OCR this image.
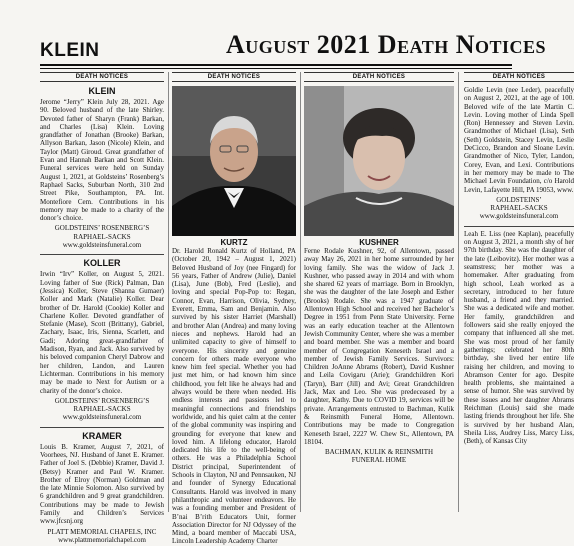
KLEIN	August 2021 Death Notices
DEATH NOTICES
KLEIN

Jerome “Jerry” Klein July 28, 2021. Age 90. Beloved husband of the late Shirley. Devoted father of Sharyn (Frank) Barkan, and Charles (Lisa) Klein. Loving grandfather of Jonathan (Brooke) Barkan, Allyson Barkan, Jason (Nicole) Klein, and Taylor (Matt) Giroud. Great grandfather of Evan and Hannah Barkan and Scott Klein. Funeral services were held on Sunday August 1, 2021, at Goldsteins’ Rosenberg’s Raphael Sacks, Suburban North, 310 2nd Street Pike, Southampton, PA. Int. Montefiore Cem. Contributions in his memory may be made to a charity of the donor’s choice.

GOLDSTEINS’ ROSENBERG’S

RAPHAEL-SACKS

www.goldsteinsfuneral.com

KOLLER

Irwin “Irv” Koller, on August 5, 2021. Loving father of Sue (Rick) Palman, Dan (Jessica) Koller, Steve (Shanna Gumaer) Koller and Mark (Natalie) Koller. Dear brother of Dr. Harold (Cookie) Koller and Charlene Koller. Devoted grandfather of Stefanie (Mase), Scott (Brittany), Gabriel, Zachary, Isaac, Iris, Sienna, Scarlett, and Gadi; Adoring great-grandfather of Madison, Ryan, and Jack. Also survived by his beloved companion Cheryl Dabrow and her children, Landon, and Lauren Lichterman. Contributions in his memory may be made to Next for Autism or a charity of the donor’s choice.

GOLDSTEINS’ ROSENBERG’S

RAPHAEL-SACKS

www.goldsteinsfuneral.com

KRAMER

Louis B. Kramer, August 7, 2021, of Voorhees, NJ. Husband of Janet E. Kramer. Father of Joel S. (Debbie) Kramer, David J. (Betsy) Kramer and Paul W. Kramer. Brother of Elroy (Norman) Goldman and the late Minnie Solomon. Also survived by 6 grandchildren and 9 great grandchildren. Contributions may be made to Jewish Family and Children’s Services www.jfcsnj.org

PLATT MEMORIAL CHAPELS, INC

www.plattmemorialchapel.com

DEATH NOTICES
KURTZ

Dr. Harold Ronald Kurtz of Holland, PA (October 20, 1942 – August 1, 2021) Beloved Husband of Joy (nee Fingard) for 56 years, Father of Andrew (Julie), Daniel (Lisa), June (Bob), Fred (Leslie), and loving and special Pop-Pop to: Regan, Connor, Evan, Harrison, Olivia, Sydney, Everett, Emma, Sam and Benjamin. Also survived by his sister Harriet (Marshall) and brother Alan (Andrea) and many loving nieces and nephews. Harold had an unlimited capacity to give of himself to everyone. His sincerity and genuine concern for others made everyone who knew him feel special. Whether you had just met him, or had known him since childhood, you felt like he always had and always would be there when needed. His endless interests and passions led to meaningful connections and friendships worldwide, and his quiet calm at the center of the global community was inspiring and grounding for everyone that knew and loved him. A lifelong educator, Harold dedicated his life to the well-being of others. He was a Philadelphia School District principal, Superintendent of Schools in Clayton, NJ and Pennsauken, NJ and founder of Synergy Educational Consultants. Harold was involved in many philanthropic and volunteer endeavors. He was a founding member and President of B’nai B’rith Educators Unit, former Association Director for NJ Odyssey of the Mind, a board member of Maccabi USA, Lincoln Leadership Academy Charter

DEATH NOTICES
KUSHNER

Ferne Rodale Kushner, 92, of Allentown, passed away May 26, 2021 in her home surrounded by her loving family. She was the widow of Jack J. Kushner, who passed away in 2014 and with whom she shared 62 years of marriage. Born in Brooklyn, she was the daughter of the late Joseph and Esther (Brooks) Rodale. She was a 1947 graduate of Allentown High School and received her Bachelor’s Degree in 1951 from Penn State University. Ferne was an early education teacher at the Allentown Jewish Community Center, where she was a member and board member. She was a member and board member of Congregation Keneseth Israel and a member of Jewish Family Services. Survivors: Children JoAnne Abrams (Robert), David Kushner and Leila Covigaru (Arie); Grandchildren Kori (Taryn), Barr (Jill) and Avi; Great Grandchildren Jack, Max and Leo. She was predeceased by a daughter, Kathy. Due to COVID 19, services will be private. Arrangements entrusted to Bachman, Kulik & Reinsmith Funeral Home, Allentown. Contributions may be made to Congregation Keneseth Israel, 2227 W. Chew St., Allentown, PA 18104.

BACHMAN, KULIK & REINSMITH

FUNERAL HOME

DEATH NOTICES

Goldie Levin (nee Leder), peacefully on August 2, 2021, at the age of 100. Beloved wife of the late Martin C. Levin. Loving mother of Linda Spell (Ron) Hennessey and Steven Levin. Grandmother of Michael (Lisa), Seth (Seth) Goldstein, Stacey Levin, Leslie DeCicco, Brandon and Sloane Levin. Grandmother of Nico, Tyler, Landon, Corey, Evan, and Lexi. Contributions in her memory may be made to The Michael Levin Foundation, c/o Harold Levin, Lafayette Hill, PA 19053, www.

GOLDSTEINS’

RAPHAEL-SACKS

www.goldsteinsfuneral.com

Leah E. Liss (nee Kaplan), peacefully on August 3, 2021, a month shy of her 97th birthday. She was the daughter of the late (Leibovitz). Her mother was a seamstress; her mother was a homemaker. After graduating from high school, Leah worked as a secretary, introduced to her future husband, a friend and they married. She was a dedicated wife and mother. Her family, grandchildren and followers said she really enjoyed the company that influenced all she met. She was most proud of her family gatherings; celebrated her 80th birthday, she lived her entire life raising her children, and moving to Abramson Center for ago. Despite health problems, she maintained a sense of humor. She was survived by these issues and her daughter Abrams Reichman (Louis) said she made lasting friends throughout her life. She is survived by her husband Alan, Sheila Liss, Audrey Liss, Marcy Liss, (Beth), of Kansas City
